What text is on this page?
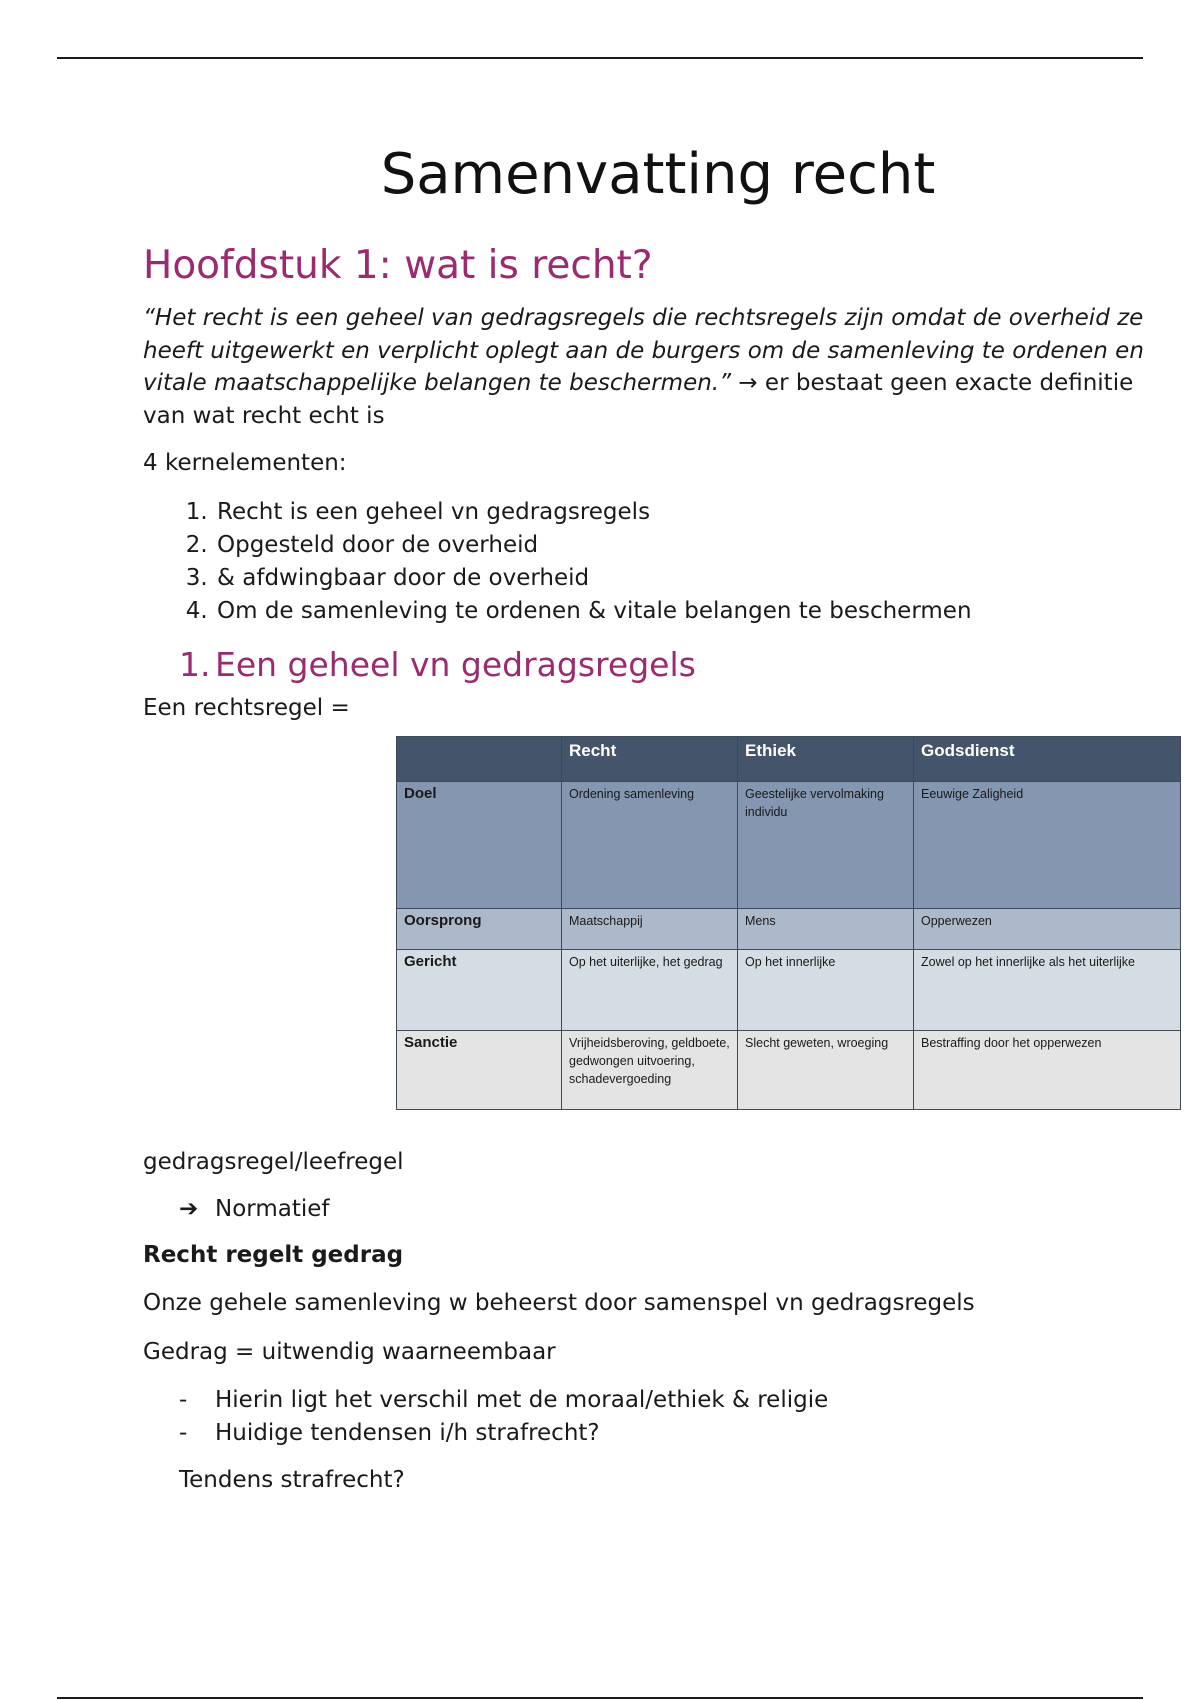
Samenvatting recht
Hoofdstuk 1: wat is recht?

“Het recht is een geheel van gedragsregels die rechtsregels zijn omdat de overheid ze heeft uitgewerkt en verplicht oplegt aan de burgers om de samenleving te ordenen en vitale maatschappelijke belangen te beschermen.” → er bestaat geen exacte definitie van wat recht echt is

4 kernelementen:

1. Recht is een geheel vn gedragsregels
2. Opgesteld door de overheid
3. & afdwingbaar door de overheid
4. Om de samenleving te ordenen & vitale belangen te beschermen
1. Een geheel vn gedragsregels

Een rechtsregel =

	Recht	Ethiek	Godsdienst
Doel	Ordening samenleving	Geestelijke vervolmaking individu	Eeuwige Zaligheid
Oorsprong	Maatschappij	Mens	Opperwezen
Gericht	Op het uiterlijke, het gedrag	Op het innerlijke	Zowel op het innerlijke als het uiterlijke
Sanctie	Vrijheidsberoving, geldboete, gedwongen uitvoering, schadevergoeding	Slecht geweten, wroeging	Bestraffing door het opperwezen

gedragsregel/leefregel

➔ Normatief

Recht regelt gedrag

Onze gehele samenleving w beheerst door samenspel vn gedragsregels

Gedrag = uitwendig waarneembaar

- Hierin ligt het verschil met de moraal/ethiek & religie
- Huidige tendensen i/h strafrecht?

Tendens strafrecht?
